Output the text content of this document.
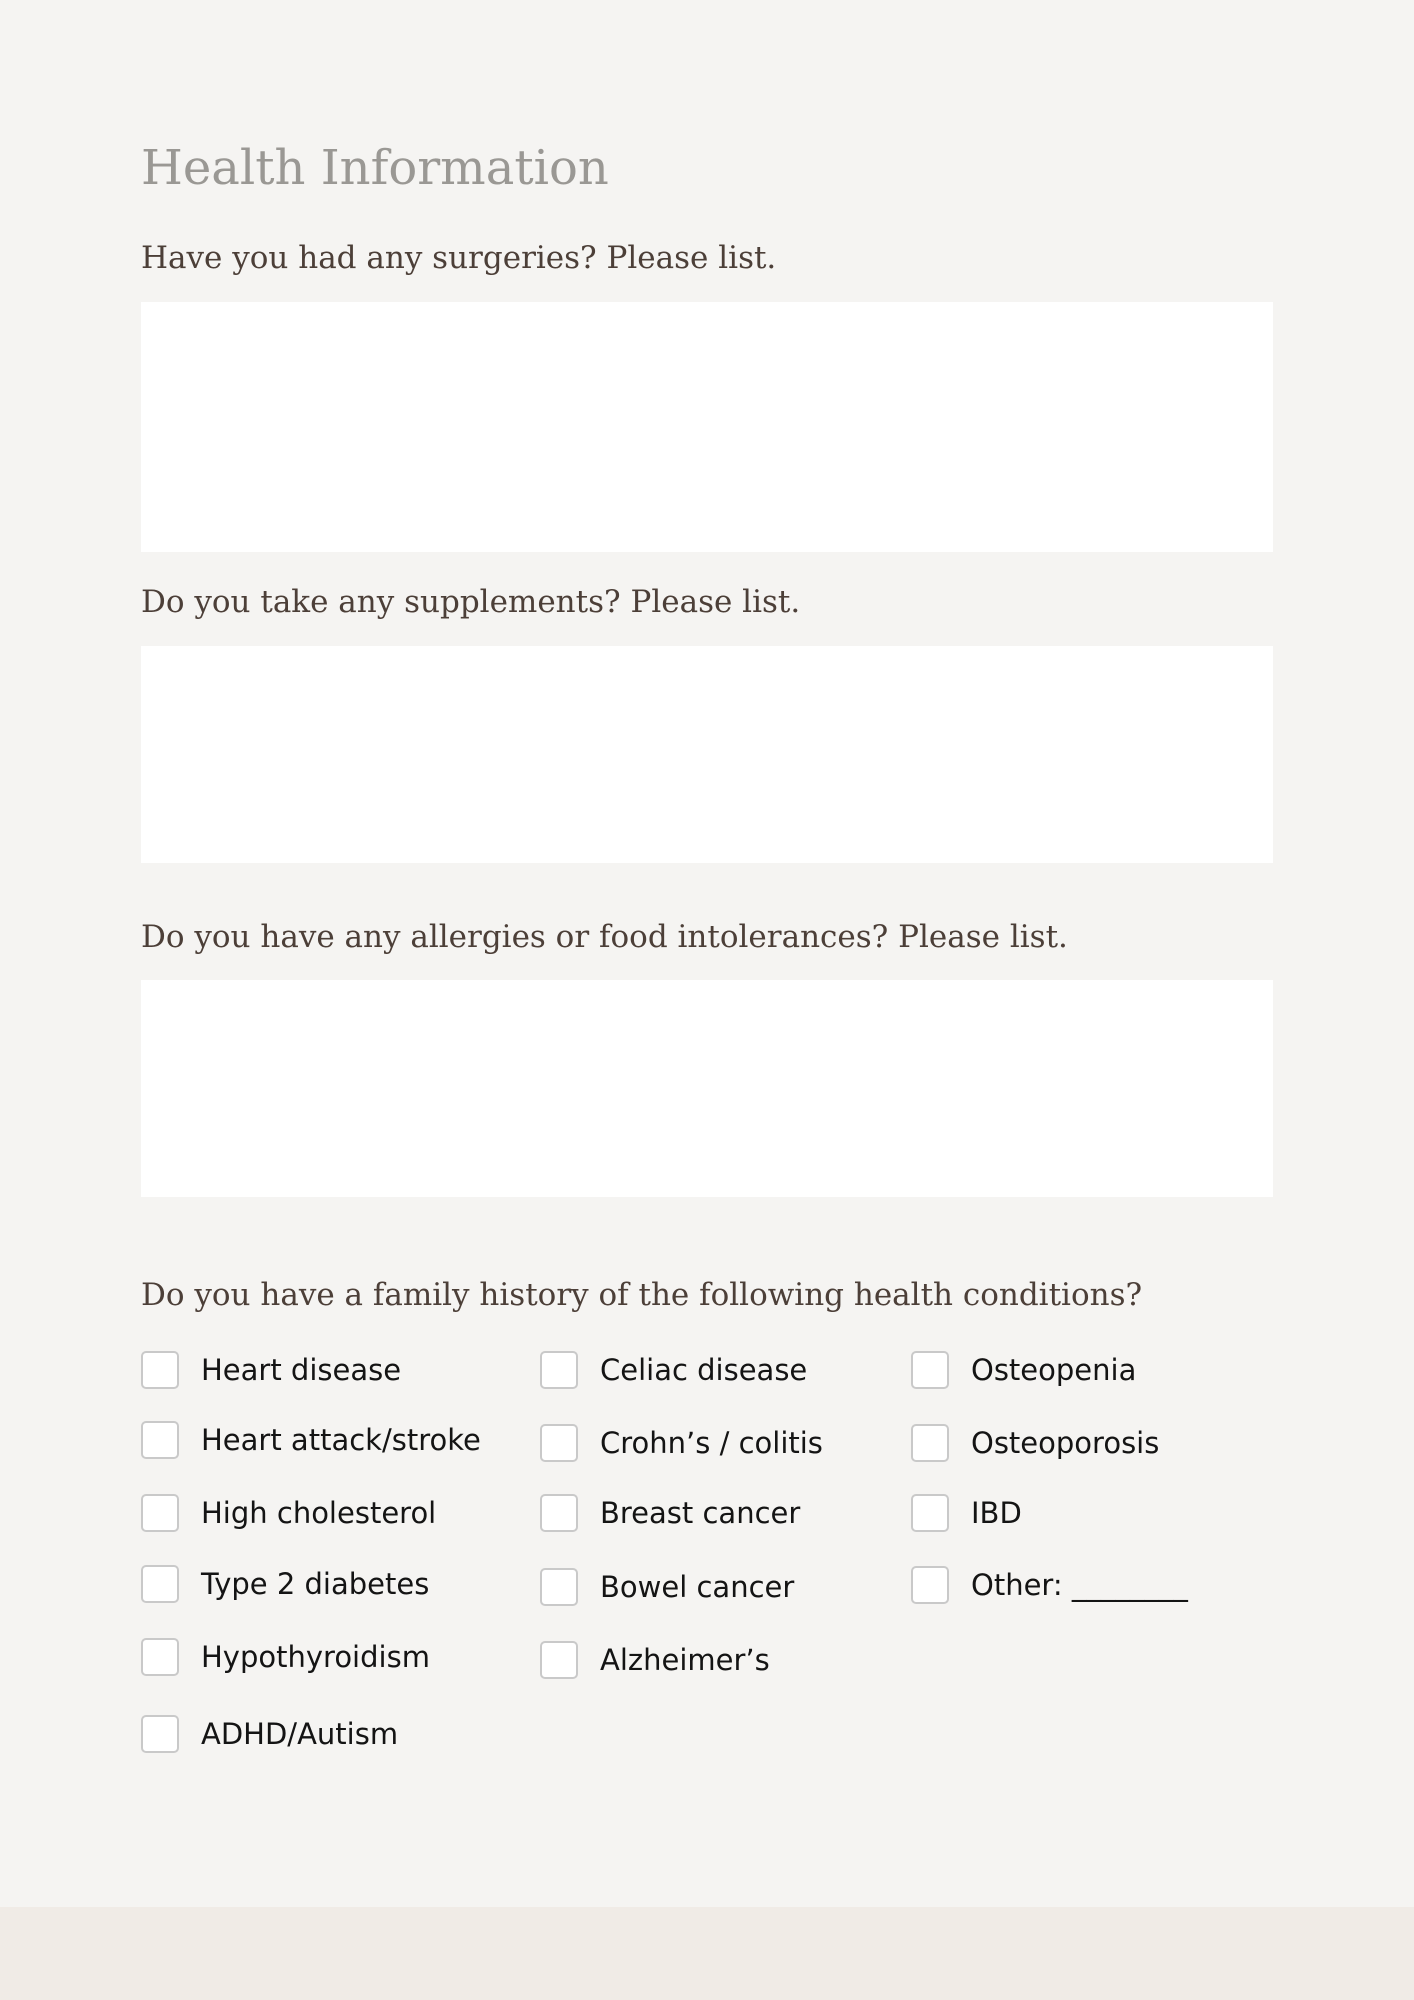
Health Information
Have you had any surgeries? Please list.
Do you take any supplements? Please list.
Do you have any allergies or food intolerances? Please list.
Do you have a family history of the following health conditions?
Heart disease
Heart attack/stroke
High cholesterol
Type 2 diabetes
Hypothyroidism
ADHD/Autism
Celiac disease
Crohn’s / colitis
Breast cancer
Bowel cancer
Alzheimer’s
Osteopenia
Osteoporosis
IBD
Other: ________
